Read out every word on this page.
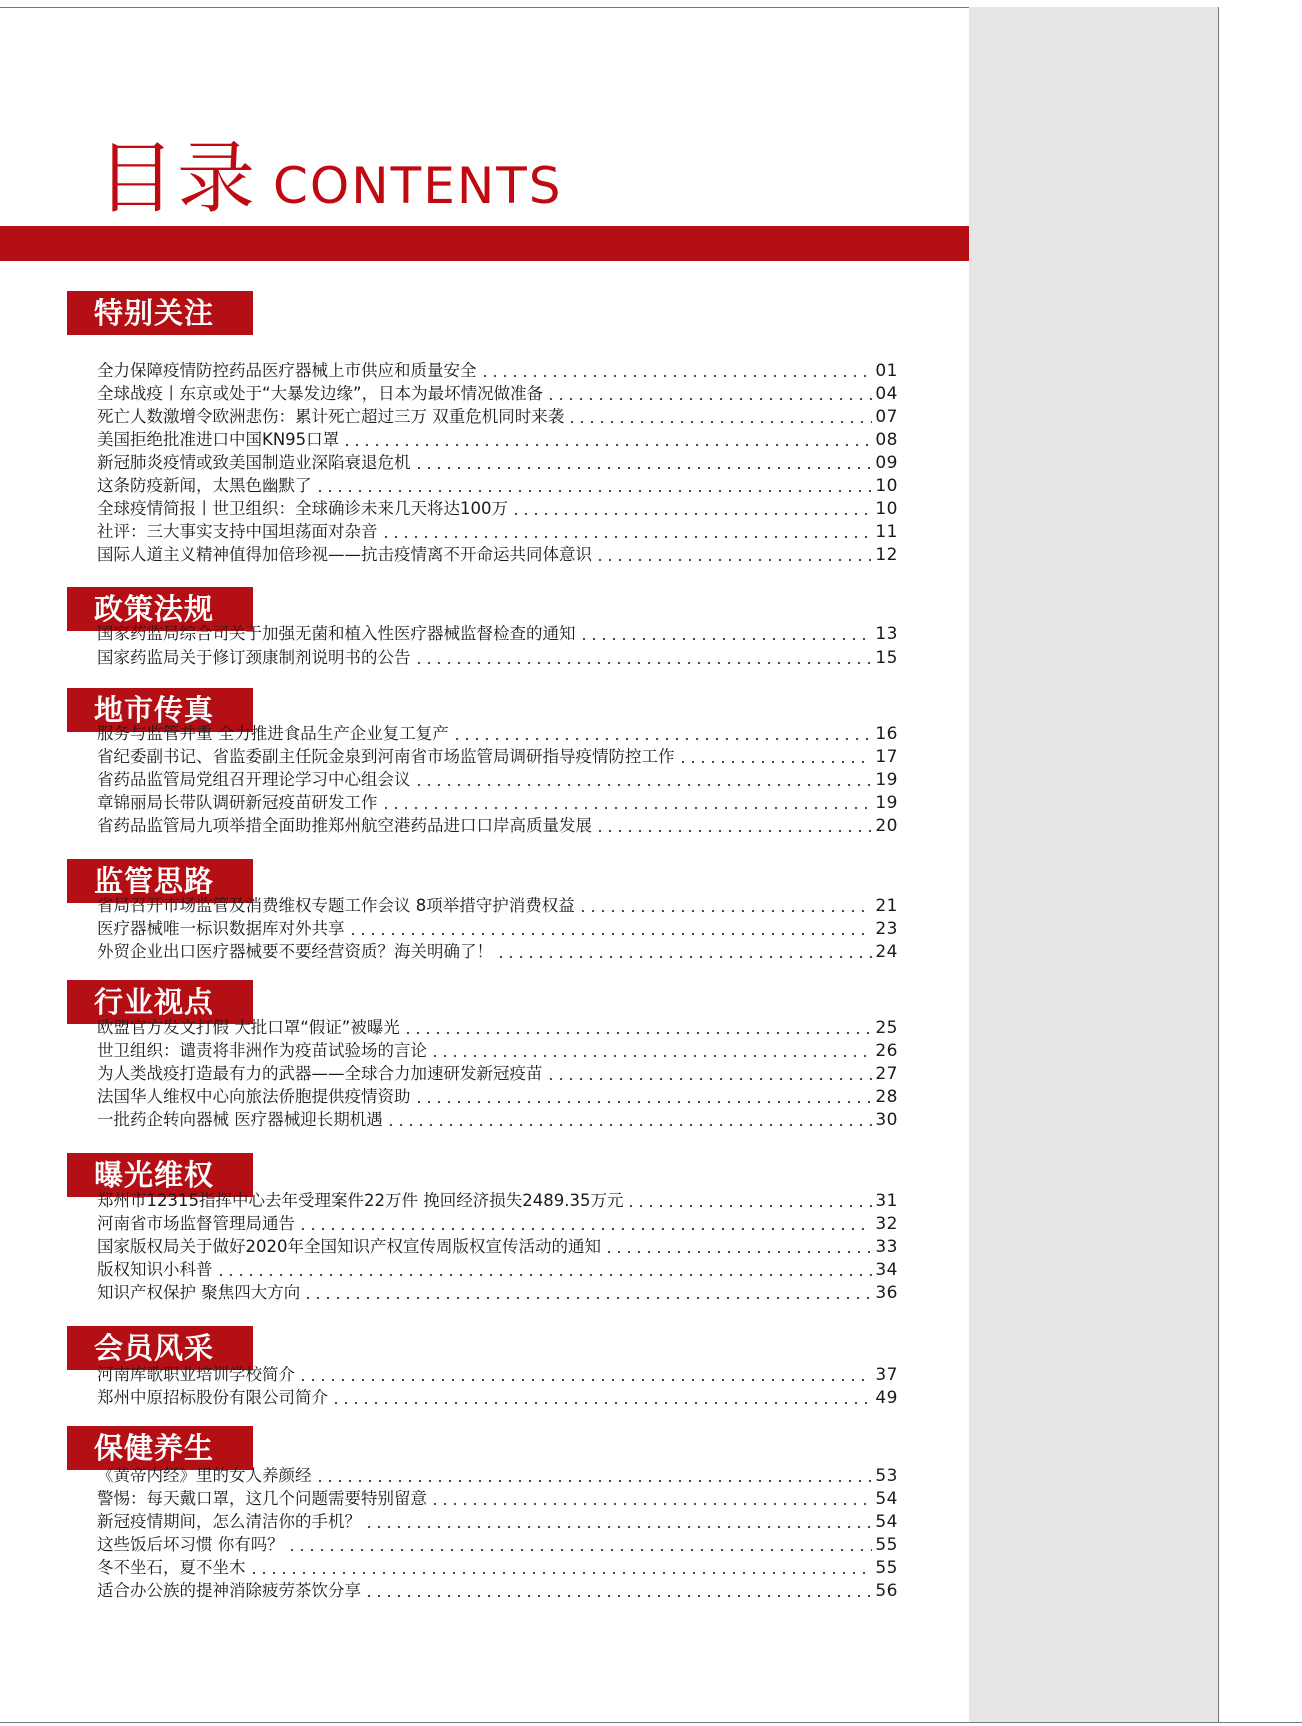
目录 CONTENTS
特别关注
全力保障疫情防控药品医疗器械上市供应和质量安全	01
全球战疫丨东京或处于“大暴发边缘”，日本为最坏情况做准备	04
死亡人数激增令欧洲悲伤：累计死亡超过三万 双重危机同时来袭	07
美国拒绝批准进口中国KN95口罩	08
新冠肺炎疫情或致美国制造业深陷衰退危机	09
这条防疫新闻，太黑色幽默了	10
全球疫情简报丨世卫组织：全球确诊未来几天将达100万	10
社评：三大事实支持中国坦荡面对杂音	11
国际人道主义精神值得加倍珍视——抗击疫情离不开命运共同体意识	12
政策法规
国家药监局综合司关于加强无菌和植入性医疗器械监督检查的通知	13
国家药监局关于修订颈康制剂说明书的公告	15
地市传真
服务与监管并重 全力推进食品生产企业复工复产	16
省纪委副书记、省监委副主任阮金泉到河南省市场监管局调研指导疫情防控工作	17
省药品监管局党组召开理论学习中心组会议	19
章锦丽局长带队调研新冠疫苗研发工作	19
省药品监管局九项举措全面助推郑州航空港药品进口口岸高质量发展	20
监管思路
省局召开市场监管及消费维权专题工作会议 8项举措守护消费权益	21
医疗器械唯一标识数据库对外共享	23
外贸企业出口医疗器械要不要经营资质？海关明确了！	24
行业视点
欧盟官方发文打假 大批口罩“假证”被曝光	25
世卫组织：谴责将非洲作为疫苗试验场的言论	26
为人类战疫打造最有力的武器——全球合力加速研发新冠疫苗	27
法国华人维权中心向旅法侨胞提供疫情资助	28
一批药企转向器械 医疗器械迎长期机遇	30
曝光维权
郑州市12315指挥中心去年受理案件22万件 挽回经济损失2489.35万元	31
河南省市场监督管理局通告	32
国家版权局关于做好2020年全国知识产权宣传周版权宣传活动的通知	33
版权知识小科普	34
知识产权保护 聚焦四大方向	36
会员风采
河南库歌职业培训学校简介	37
郑州中原招标股份有限公司简介	49
保健养生
《黄帝内经》里的女人养颜经	53
警惕：每天戴口罩，这几个问题需要特别留意	54
新冠疫情期间，怎么清洁你的手机？	54
这些饭后坏习惯 你有吗？	55
冬不坐石，夏不坐木	55
适合办公族的提神消除疲劳茶饮分享	56
